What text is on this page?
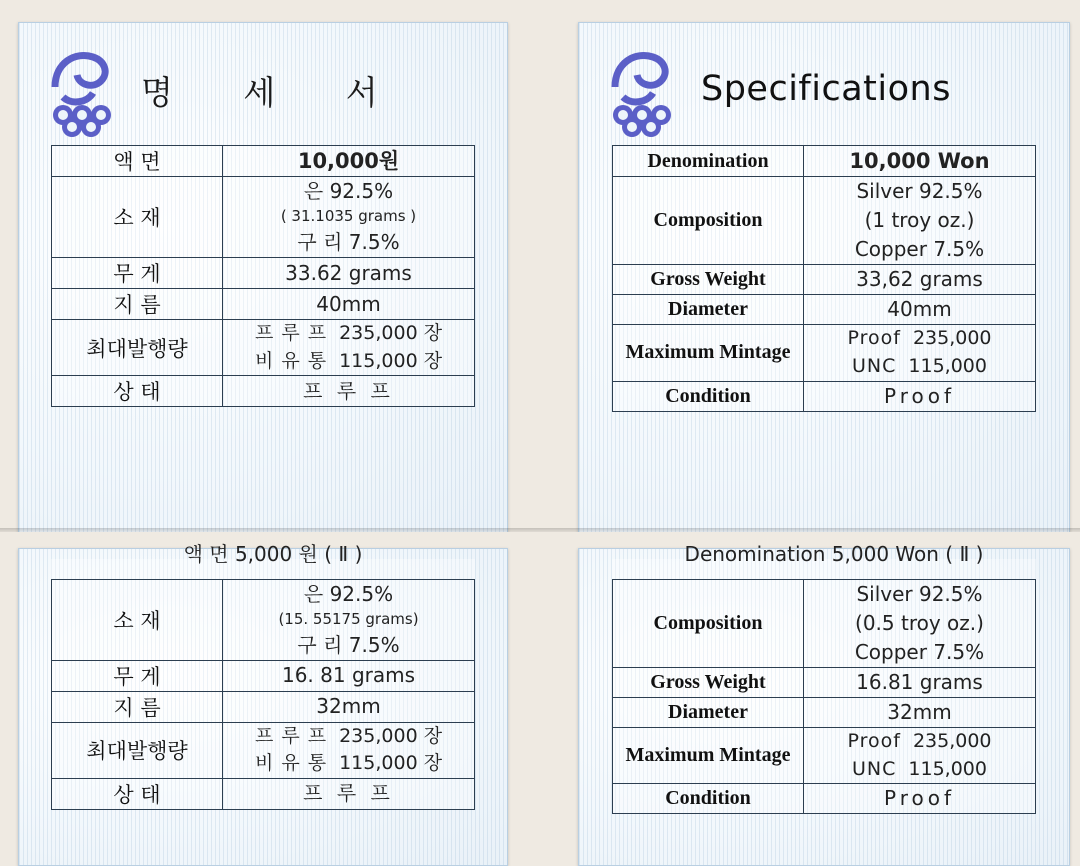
명 세 서
액 면	10,000원
소 재	은 92.5%
( 31.1035 grams )
구 리 7.5%

무 게	33.62 grams
지 름	40mm
최대발행량	프 루 프 235,000 장
비 유 통 115,000 장

상 태	프 루 프
Specifications
Denomination	10,000 Won
Composition	Silver 92.5%
(1 troy oz.)
Copper 7.5%

Gross Weight	33,62 grams
Diameter	40mm
Maximum Mintage	Proof 235,000
UNC 115,000

Condition	Proof
액 면 5,000 원 ( Ⅱ )	

소 재	은 92.5%
(15. 55175 grams)
구 리 7.5%

무 게	16. 81 grams
지 름	32mm
최대발행량	프 루 프 235,000 장
비 유 통 115,000 장

상 태	프 루 프
Denomination 5,000 Won ( Ⅱ )	

Composition	Silver 92.5%
(0.5 troy oz.)
Copper 7.5%

Gross Weight	16.81 grams
Diameter	32mm
Maximum Mintage	Proof 235,000
UNC 115,000

Condition	Proof
